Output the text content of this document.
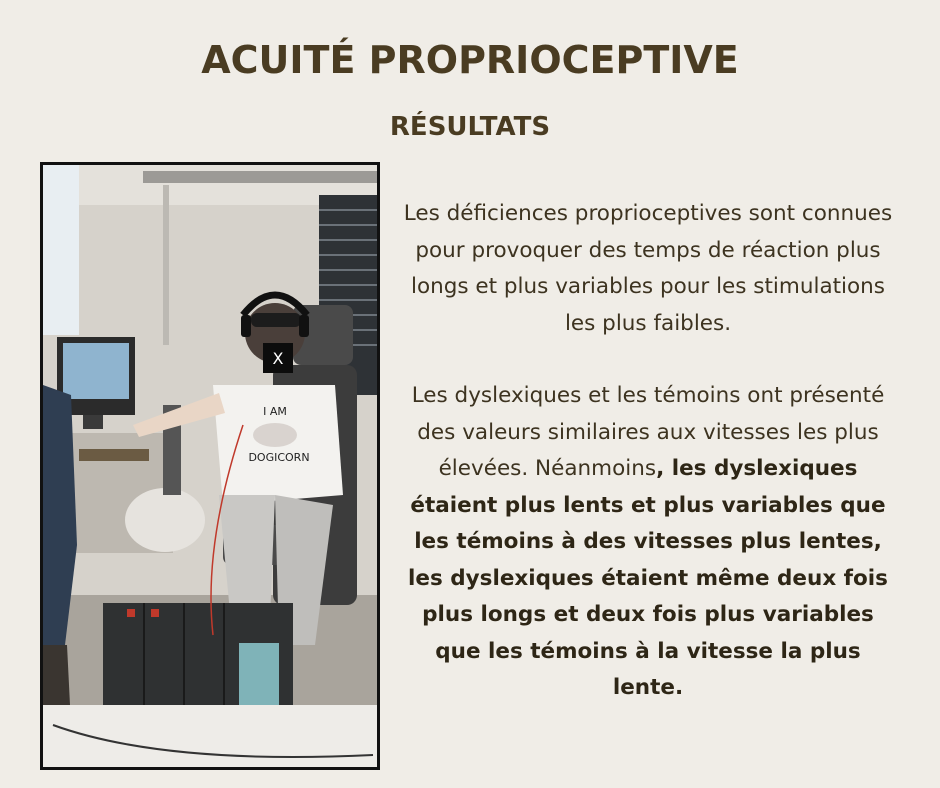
ACUITÉ PROPRIOCEPTIVE
RÉSULTATS
X
I AM
DOGICORN

Les déficiences proprioceptives sont connues pour provoquer des temps de réaction plus longs et plus variables pour les stimulations les plus faibles.

Les dyslexiques et les témoins ont présenté des valeurs similaires aux vitesses les plus élevées. Néanmoins, les dyslexiques étaient plus lents et plus variables que les témoins à des vitesses plus lentes, les dyslexiques étaient même deux fois plus longs et deux fois plus variables que les témoins à la vitesse la plus lente.
